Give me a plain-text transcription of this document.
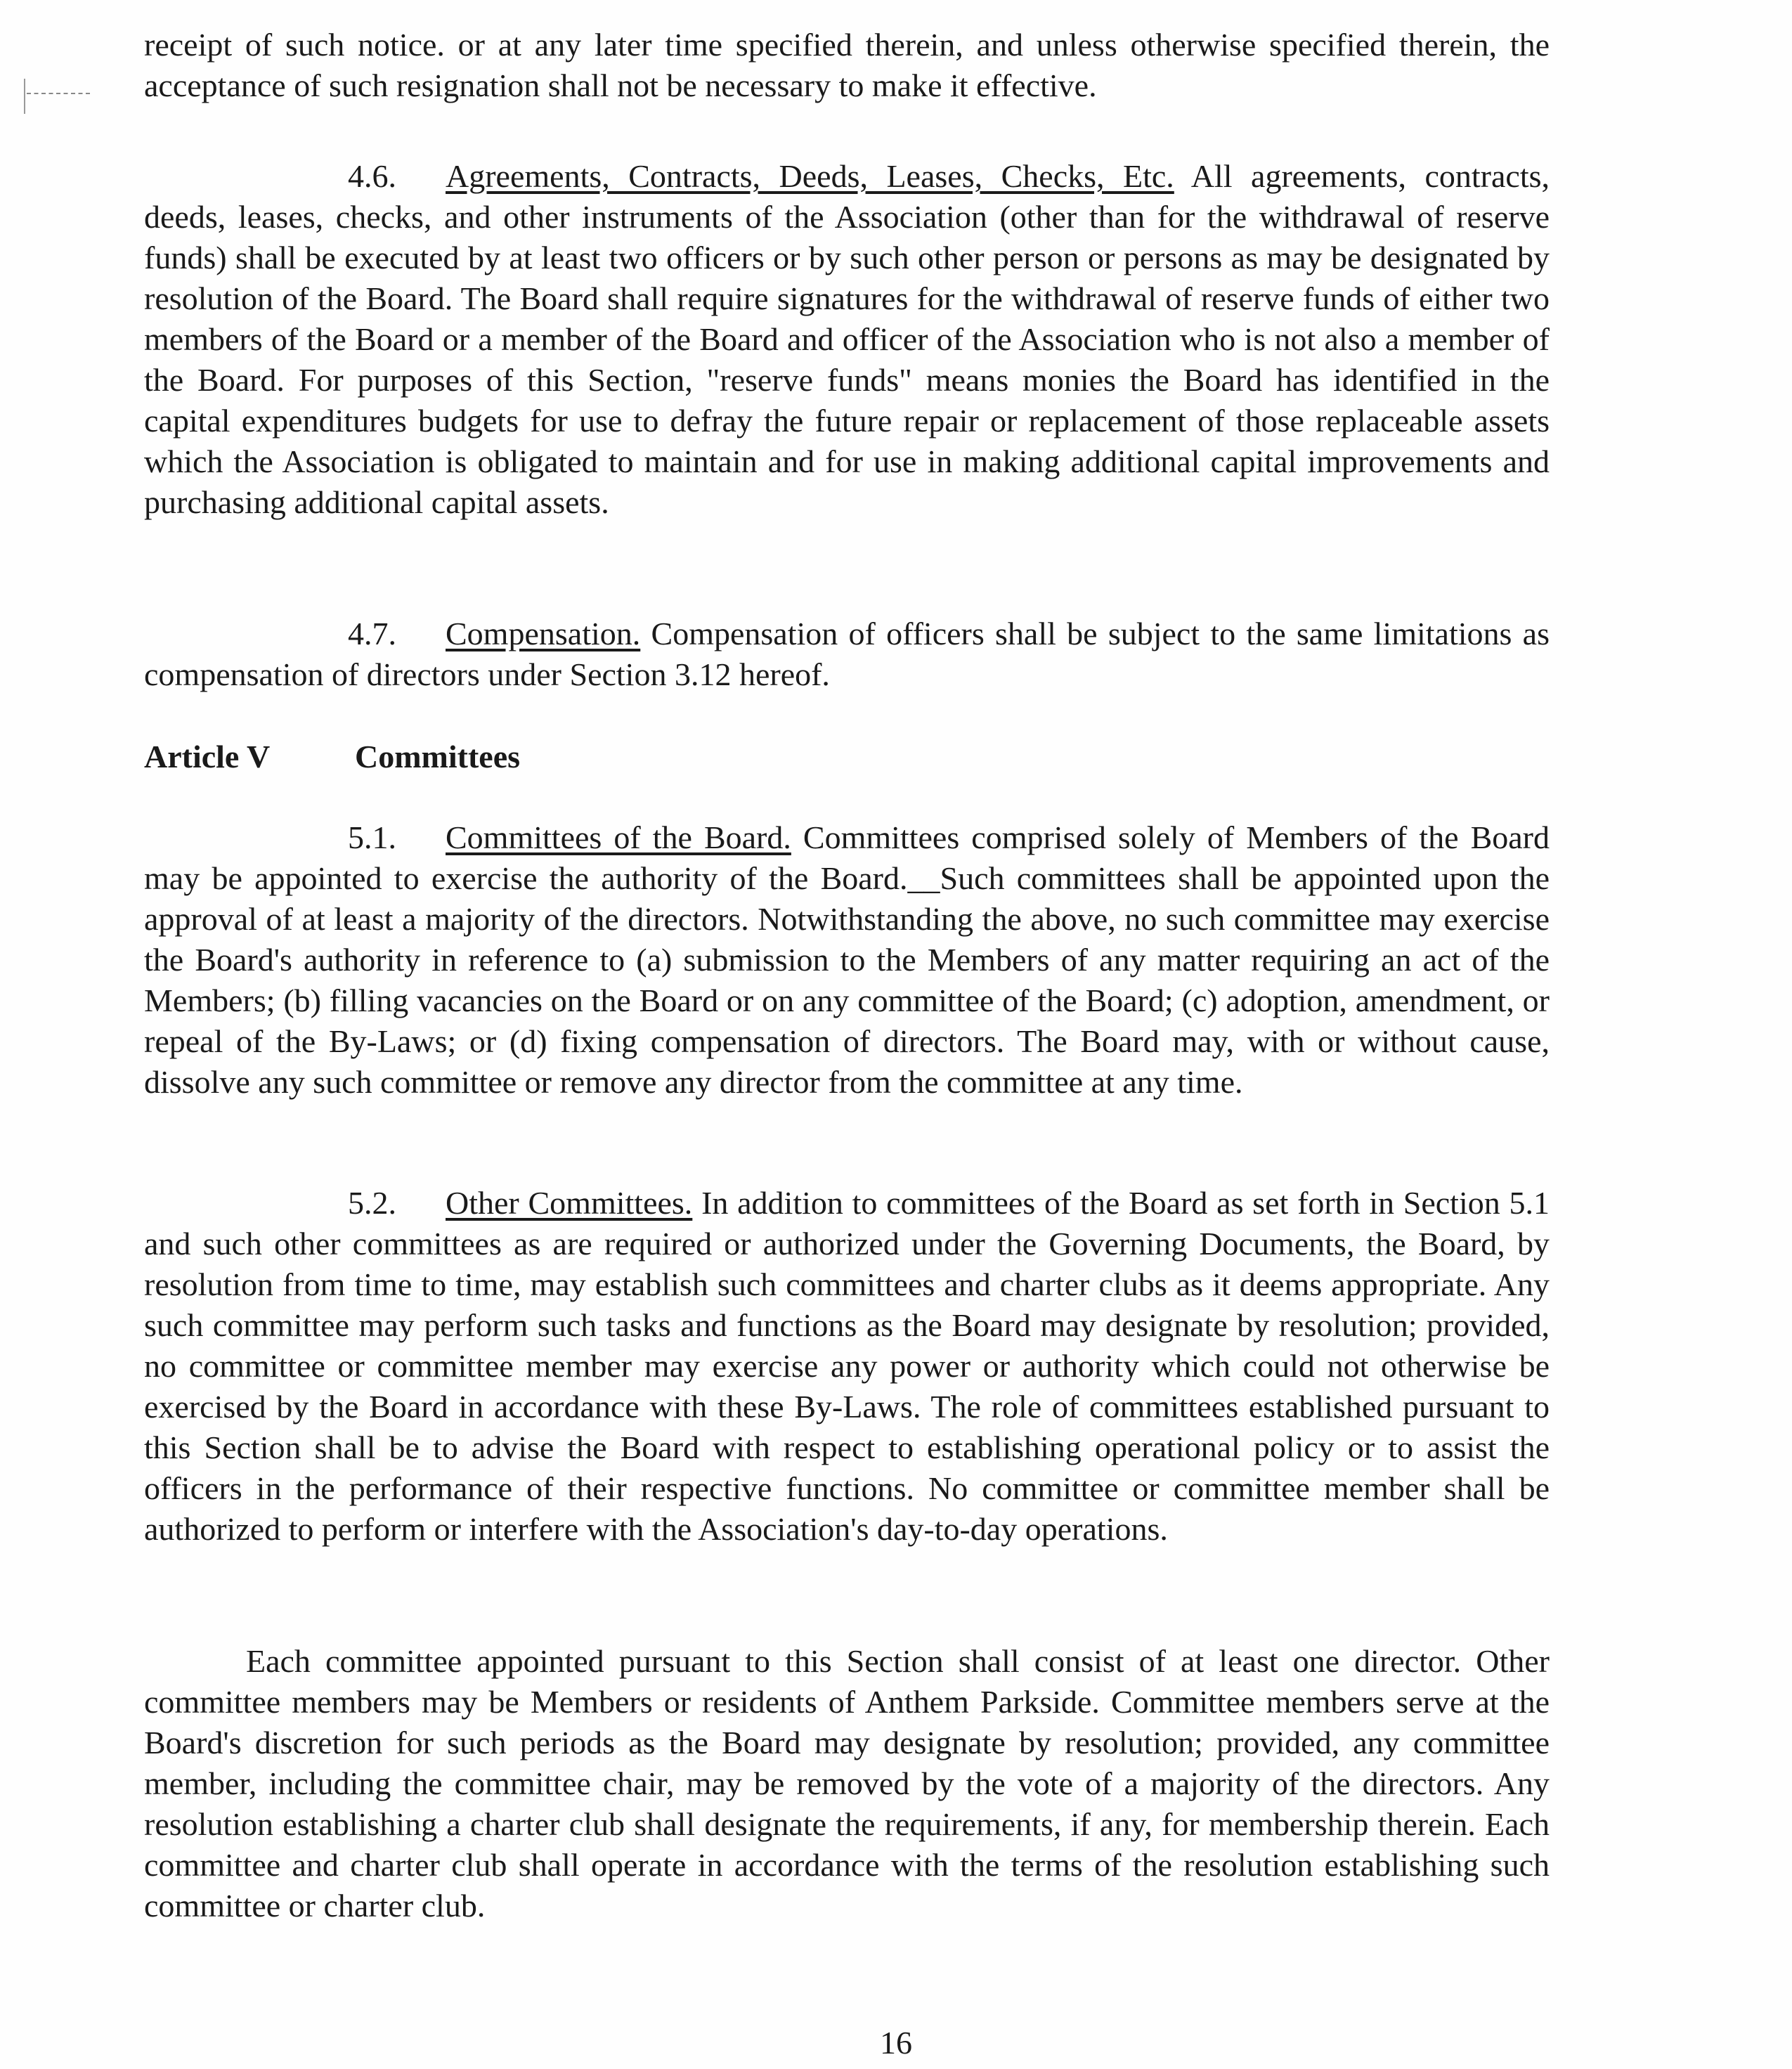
receipt of such notice. or at any later time specified therein, and unless otherwise specified therein, the acceptance of such resignation shall not be necessary to make it effective.

4.6. Agreements, Contracts, Deeds, Leases, Checks, Etc. All agreements, contracts, deeds, leases, checks, and other instruments of the Association (other than for the withdrawal of reserve funds) shall be executed by at least two officers or by such other person or persons as may be designated by resolution of the Board. The Board shall require signatures for the withdrawal of reserve funds of either two members of the Board or a member of the Board and officer of the Association who is not also a member of the Board. For purposes of this Section, "reserve funds" means monies the Board has identified in the capital expenditures budgets for use to defray the future repair or replacement of those replaceable assets which the Association is obligated to maintain and for use in making additional capital improvements and purchasing additional capital assets.

4.7. Compensation. Compensation of officers shall be subject to the same limitations as compensation of directors under Section 3.12 hereof.

Article V	Committees

5.1. Committees of the Board. Committees comprised solely of Members of the Board may be appointed to exercise the authority of the Board.__Such committees shall be appointed upon the approval of at least a majority of the directors. Notwithstanding the above, no such committee may exercise the Board's authority in reference to (a) submission to the Members of any matter requiring an act of the Members; (b) filling vacancies on the Board or on any committee of the Board; (c) adoption, amendment, or repeal of the By-Laws; or (d) fixing compensation of directors. The Board may, with or without cause, dissolve any such committee or remove any director from the committee at any time.

5.2. Other Committees. In addition to committees of the Board as set forth in Section 5.1 and such other committees as are required or authorized under the Governing Documents, the Board, by resolution from time to time, may establish such committees and charter clubs as it deems appropriate. Any such committee may perform such tasks and functions as the Board may designate by resolution; provided, no committee or committee member may exercise any power or authority which could not otherwise be exercised by the Board in accordance with these By-Laws. The role of committees established pursuant to this Section shall be to advise the Board with respect to establishing operational policy or to assist the officers in the performance of their respective functions. No committee or committee member shall be authorized to perform or interfere with the Association's day-to-day operations.

Each committee appointed pursuant to this Section shall consist of at least one director. Other committee members may be Members or residents of Anthem Parkside. Committee members serve at the Board's discretion for such periods as the Board may designate by resolution; provided, any committee member, including the committee chair, may be removed by the vote of a majority of the directors. Any resolution establishing a charter club shall designate the requirements, if any, for membership therein. Each committee and charter club shall operate in accordance with the terms of the resolution establishing such committee or charter club.

16
